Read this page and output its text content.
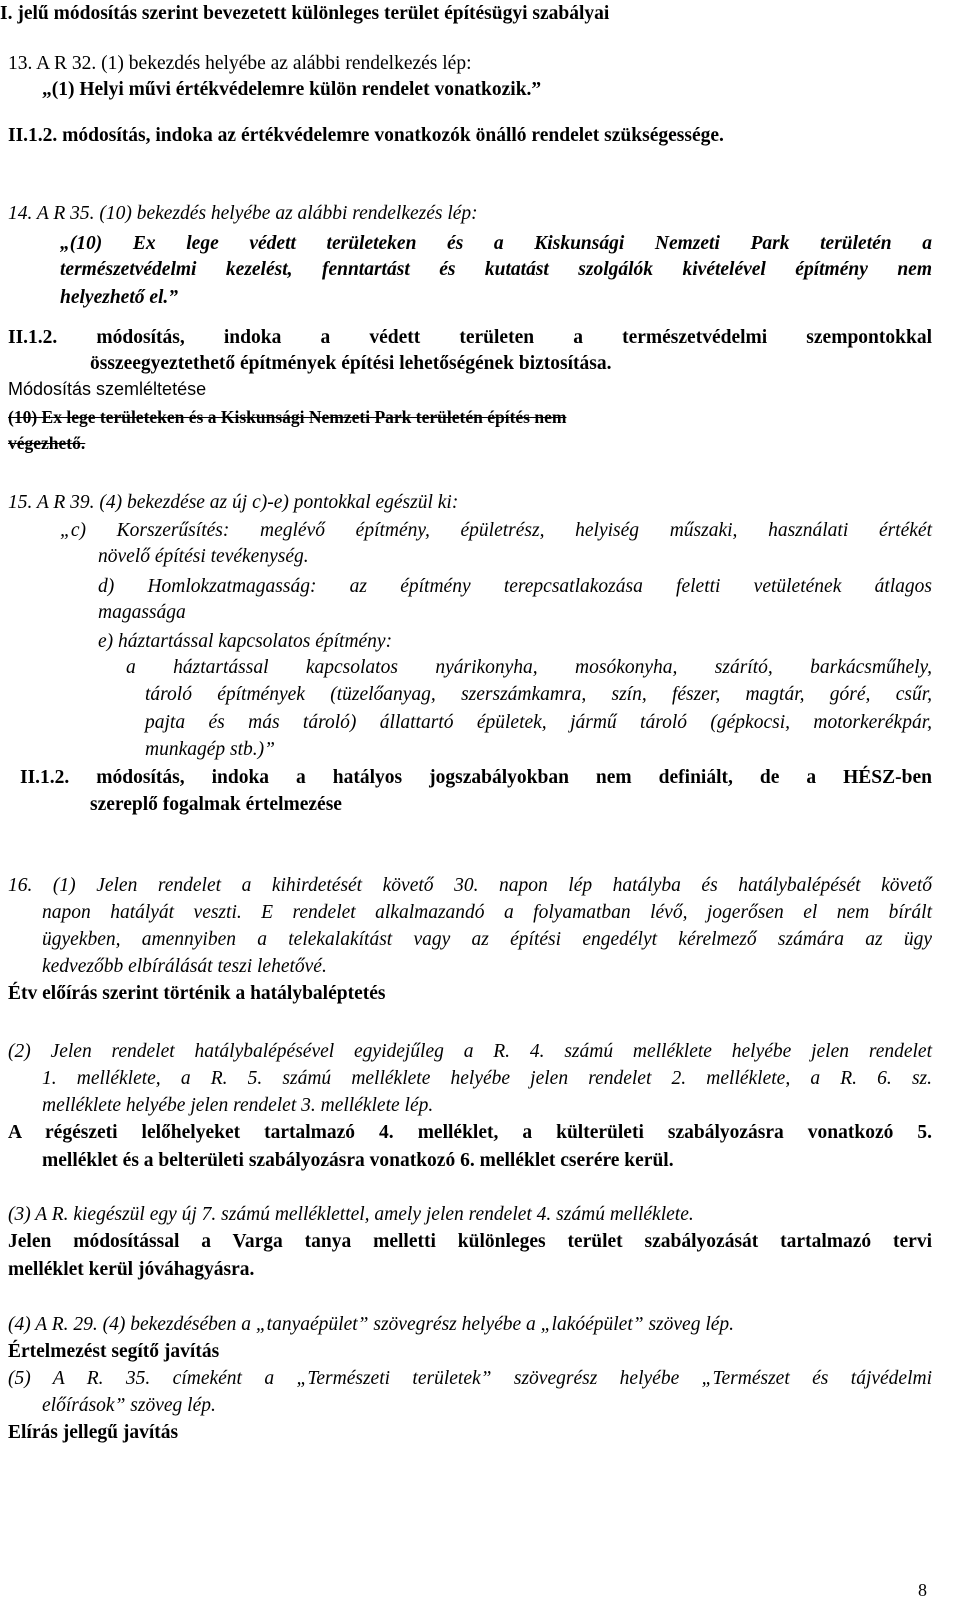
I. jelű módosítás szerint bevezetett különleges terület építésügyi szabályai
13. A R 32. (1) bekezdés helyébe az alábbi rendelkezés lép:
„(1) Helyi művi értékvédelemre külön rendelet vonatkozik.”
II.1.2. módosítás, indoka az értékvédelemre vonatkozók önálló rendelet szükségessége.
14. A R 35. (10) bekezdés helyébe az alábbi rendelkezés lép:
„(10) Ex lege védett területeken és a Kiskunsági Nemzeti Park területén a
természetvédelmi kezelést, fenntartást és kutatást szolgálók kivételével építmény nem
helyezhető el.”
II.1.2. módosítás, indoka a védett területen a természetvédelmi szempontokkal
összeegyeztethető építmények építési lehetőségének biztosítása.
Módosítás szemléltetése
(10) Ex lege területeken és a Kiskunsági Nemzeti Park területén építés nem
végezhető.
15. A R 39. (4) bekezdése az új c)-e) pontokkal egészül ki:
„c) Korszerűsítés: meglévő építmény, épületrész, helyiség műszaki, használati értékét
növelő építési tevékenység.
d) Homlokzatmagasság: az építmény terepcsatlakozása feletti vetületének átlagos
magassága
e) háztartással kapcsolatos építmény:
a háztartással kapcsolatos nyárikonyha, mosókonyha, szárító, barkácsműhely,
tároló építmények (tüzelőanyag, szerszámkamra, szín, fészer, magtár, góré, csűr,
pajta és más tároló) állattartó épületek, jármű tároló (gépkocsi, motorkerékpár,
munkagép stb.)”
II.1.2. módosítás, indoka a hatályos jogszabályokban nem definiált, de a HÉSZ-ben
szereplő fogalmak értelmezése
16. (1) Jelen rendelet a kihirdetését követő 30. napon lép hatályba és hatálybalépését követő
napon hatályát veszti. E rendelet alkalmazandó a folyamatban lévő, jogerősen el nem bírált
ügyekben, amennyiben a telekalakítást vagy az építési engedélyt kérelmező számára az ügy
kedvezőbb elbírálását teszi lehetővé.
Étv előírás szerint történik a hatálybaléptetés
(2) Jelen rendelet hatálybalépésével egyidejűleg a R. 4. számú melléklete helyébe jelen rendelet
1. melléklete, a R. 5. számú melléklete helyébe jelen rendelet 2. melléklete, a R. 6. sz.
melléklete helyébe jelen rendelet 3. melléklete lép.
A régészeti lelőhelyeket tartalmazó 4. melléklet, a külterületi szabályozásra vonatkozó 5.
melléklet és a belterületi szabályozásra vonatkozó 6. melléklet cserére kerül.
(3) A R. kiegészül egy új 7. számú melléklettel, amely jelen rendelet 4. számú melléklete.
Jelen módosítással a Varga tanya melletti különleges terület szabályozását tartalmazó tervi
melléklet kerül jóváhagyásra.
(4) A R. 29. (4) bekezdésében a „tanyaépület” szövegrész helyébe a „lakóépület” szöveg lép.
Értelmezést segítő javítás
(5) A R. 35. címeként a „Természeti területek” szövegrész helyébe „Természet és tájvédelmi
előírások” szöveg lép.
Elírás jellegű javítás
8
